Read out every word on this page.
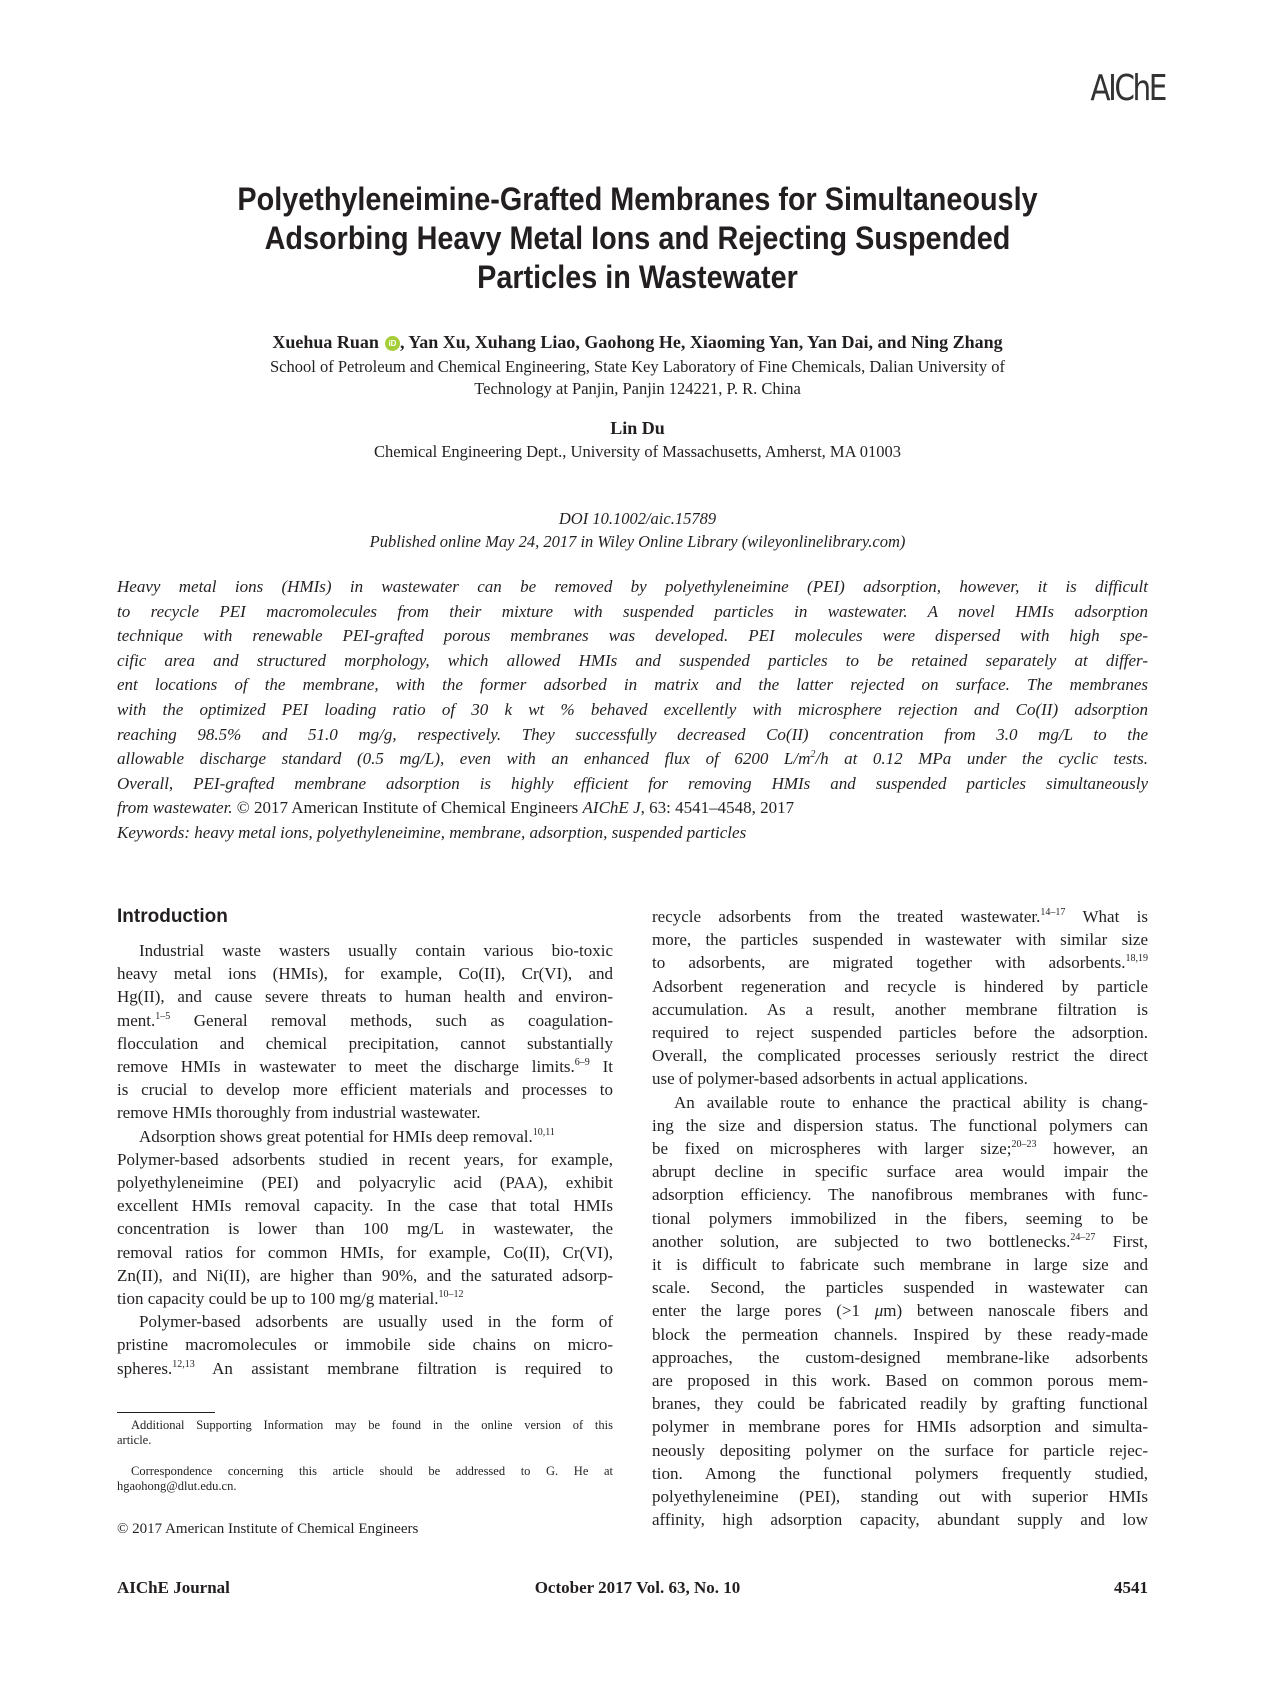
AIChE
Polyethyleneimine-Grafted Membranes for Simultaneously
Adsorbing Heavy Metal Ions and Rejecting Suspended
Particles in Wastewater
Xuehua Ruan iD , Yan Xu, Xuhang Liao, Gaohong He, Xiaoming Yan, Yan Dai, and Ning Zhang
School of Petroleum and Chemical Engineering, State Key Laboratory of Fine Chemicals, Dalian University of
Technology at Panjin, Panjin 124221, P. R. China
Lin Du
Chemical Engineering Dept., University of Massachusetts, Amherst, MA 01003
DOI 10.1002/aic.15789
Published online May 24, 2017 in Wiley Online Library (wileyonlinelibrary.com)
Heavy metal ions (HMIs) in wastewater can be removed by polyethyleneimine (PEI) adsorption, however, it is difficult
to recycle PEI macromolecules from their mixture with suspended particles in wastewater. A novel HMIs adsorption
technique with renewable PEI-grafted porous membranes was developed. PEI molecules were dispersed with high spe-
cific area and structured morphology, which allowed HMIs and suspended particles to be retained separately at differ-
ent locations of the membrane, with the former adsorbed in matrix and the latter rejected on surface. The membranes
with the optimized PEI loading ratio of 30 k wt % behaved excellently with microsphere rejection and Co(II) adsorption
reaching 98.5% and 51.0 mg/g, respectively. They successfully decreased Co(II) concentration from 3.0 mg/L to the
allowable discharge standard (0.5 mg/L), even with an enhanced flux of 6200 $L/m^2/h$ at 0.12 MPa under the cyclic tests.
Overall, PEI-grafted membrane adsorption is highly efficient for removing HMIs and suspended particles simultaneously
from wastewater. © 2017 American Institute of Chemical Engineers AIChE J, 63: 4541–4548, 2017
Keywords: heavy metal ions, polyethyleneimine, membrane, adsorption, suspended particles
Introduction
Industrial waste wasters usually contain various bio-toxic
heavy metal ions (HMIs), for example, Co(II), Cr(VI), and
Hg(II), and cause severe threats to human health and environ-
ment.$^{1-5}$ General removal methods, such as coagulation-
flocculation and chemical precipitation, cannot substantially
remove HMIs in wastewater to meet the discharge limits.$^{6-9}$ It
is crucial to develop more efficient materials and processes to
remove HMIs thoroughly from industrial wastewater.
Adsorption shows great potential for HMIs deep removal.$^{10,11}$
Polymer-based adsorbents studied in recent years, for example,
polyethyleneimine (PEI) and polyacrylic acid (PAA), exhibit
excellent HMIs removal capacity. In the case that total HMIs
concentration is lower than 100 mg/L in wastewater, the
removal ratios for common HMIs, for example, Co(II), Cr(VI),
Zn(II), and Ni(II), are higher than 90%, and the saturated adsorp-
tion capacity could be up to 100 mg/g material.$^{10-12}$
Polymer-based adsorbents are usually used in the form of
pristine macromolecules or immobile side chains on micro-
spheres.$^{12,13}$ An assistant membrane filtration is required to
Additional Supporting Information may be found in the online version of this
article.
Correspondence concerning this article should be addressed to G. He at
hgaohong@dlut.edu.cn.
© 2017 American Institute of Chemical Engineers
recycle adsorbents from the treated wastewater.$^{14-17}$ What is
more, the particles suspended in wastewater with similar size
to adsorbents, are migrated together with adsorbents.$^{18,19}$
Adsorbent regeneration and recycle is hindered by particle
accumulation. As a result, another membrane filtration is
required to reject suspended particles before the adsorption.
Overall, the complicated processes seriously restrict the direct
use of polymer-based adsorbents in actual applications.
An available route to enhance the practical ability is chang-
ing the size and dispersion status. The functional polymers can
be fixed on microspheres with larger size;$^{20-23}$ however, an
abrupt decline in specific surface area would impair the
adsorption efficiency. The nanofibrous membranes with func-
tional polymers immobilized in the fibers, seeming to be
another solution, are subjected to two bottlenecks.$^{24-27}$ First,
it is difficult to fabricate such membrane in large size and
scale. Second, the particles suspended in wastewater can
enter the large pores (>1 μm) between nanoscale fibers and
block the permeation channels. Inspired by these ready-made
approaches, the custom-designed membrane-like adsorbents
are proposed in this work. Based on common porous mem-
branes, they could be fabricated readily by grafting functional
polymer in membrane pores for HMIs adsorption and simulta-
neously depositing polymer on the surface for particle rejec-
tion. Among the functional polymers frequently studied,
polyethyleneimine (PEI), standing out with superior HMIs
affinity, high adsorption capacity, abundant supply and low
AIChE Journal	October 2017 Vol. 63, No. 10	4541
